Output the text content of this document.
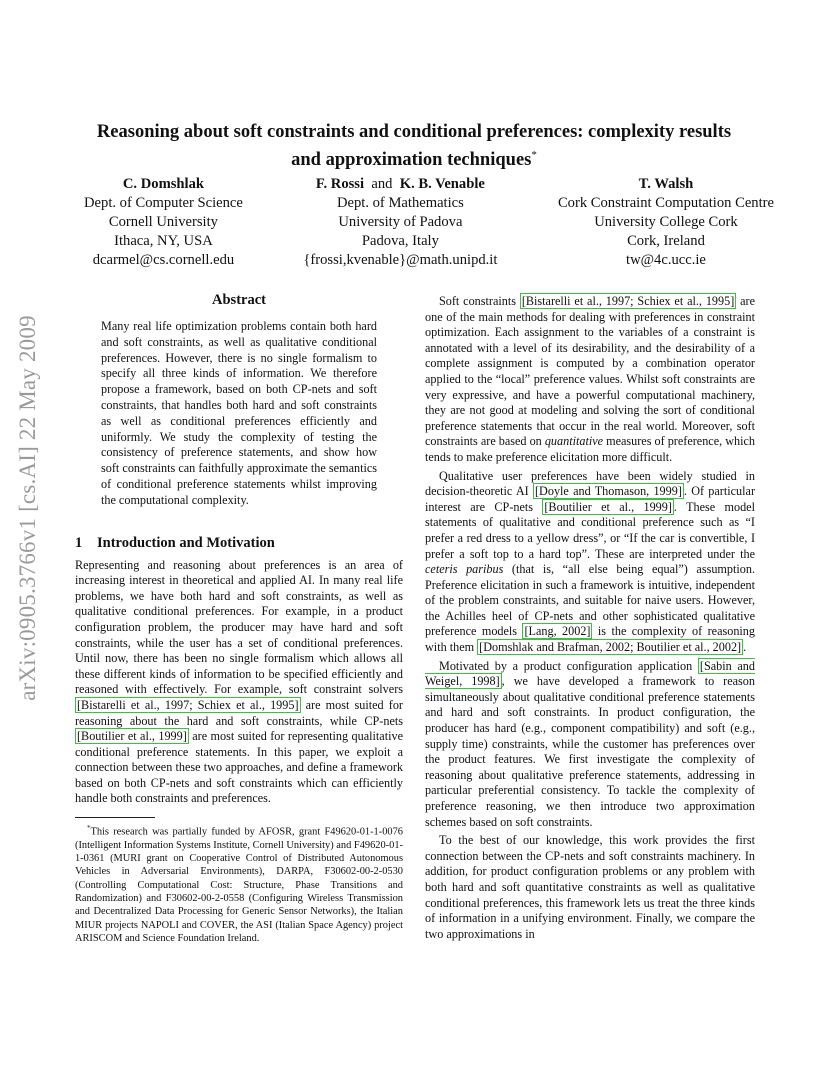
arXiv:0905.3766v1 [cs.AI] 22 May 2009
Reasoning about soft constraints and conditional preferences: complexity results
and approximation techniques*
C. Domshlak
Dept. of Computer Science
Cornell University
Ithaca, NY, USA
dcarmel@cs.cornell.edu
F. Rossi and K. B. Venable
Dept. of Mathematics
University of Padova
Padova, Italy
{frossi,kvenable}@math.unipd.it
T. Walsh
Cork Constraint Computation Centre
University College Cork
Cork, Ireland
tw@4c.ucc.ie
Abstract

Many real life optimization problems contain both hard and soft constraints, as well as qualitative conditional preferences. However, there is no single formalism to specify all three kinds of information. We therefore propose a framework, based on both CP-nets and soft constraints, that handles both hard and soft constraints as well as conditional preferences efficiently and uniformly. We study the complexity of testing the consistency of preference statements, and show how soft constraints can faithfully approximate the semantics of conditional preference statements whilst improving the computational complexity.

1 Introduction and Motivation

Representing and reasoning about preferences is an area of increasing interest in theoretical and applied AI. In many real life problems, we have both hard and soft constraints, as well as qualitative conditional preferences. For example, in a product configuration problem, the producer may have hard and soft constraints, while the user has a set of conditional preferences. Until now, there has been no single formalism which allows all these different kinds of information to be specified efficiently and reasoned with effectively. For example, soft constraint solvers [Bistarelli et al., 1997; Schiex et al., 1995] are most suited for reasoning about the hard and soft constraints, while CP-nets [Boutilier et al., 1999] are most suited for representing qualitative conditional preference statements. In this paper, we exploit a connection between these two approaches, and define a framework based on both CP-nets and soft constraints which can efficiently handle both constraints and preferences.

*This research was partially funded by AFOSR, grant F49620-01-1-0076 (Intelligent Information Systems Institute, Cornell University) and F49620-01-1-0361 (MURI grant on Cooperative Control of Distributed Autonomous Vehicles in Adversarial Environments), DARPA, F30602-00-2-0530 (Controlling Computational Cost: Structure, Phase Transitions and Randomization) and F30602-00-2-0558 (Configuring Wireless Transmission and Decentralized Data Processing for Generic Sensor Networks), the Italian MIUR projects NAPOLI and COVER, the ASI (Italian Space Agency) project ARISCOM and Science Foundation Ireland.

Soft constraints [Bistarelli et al., 1997; Schiex et al., 1995] are one of the main methods for dealing with preferences in constraint optimization. Each assignment to the variables of a constraint is annotated with a level of its desirability, and the desirability of a complete assignment is computed by a combination operator applied to the “local” preference values. Whilst soft constraints are very expressive, and have a powerful computational machinery, they are not good at modeling and solving the sort of conditional preference statements that occur in the real world. Moreover, soft constraints are based on quantitative measures of preference, which tends to make preference elicitation more difficult.

Qualitative user preferences have been widely studied in decision-theoretic AI [Doyle and Thomason, 1999] . Of particular interest are CP-nets [Boutilier et al., 1999] . These model statements of qualitative and conditional preference such as “I prefer a red dress to a yellow dress”, or “If the car is convertible, I prefer a soft top to a hard top”. These are interpreted under the ceteris paribus (that is, “all else being equal”) assumption. Preference elicitation in such a framework is intuitive, independent of the problem constraints, and suitable for naive users. However, the Achilles heel of CP-nets and other sophisticated qualitative preference models [Lang, 2002] is the complexity of reasoning with them [Domshlak and Brafman, 2002; Boutilier et al., 2002] .

Motivated by a product configuration application [Sabin and Weigel, 1998] , we have developed a framework to reason simultaneously about qualitative conditional preference statements and hard and soft constraints. In product configuration, the producer has hard (e.g., component compatibility) and soft (e.g., supply time) constraints, while the customer has preferences over the product features. We first investigate the complexity of reasoning about qualitative preference statements, addressing in particular preferential consistency. To tackle the complexity of preference reasoning, we then introduce two approximation schemes based on soft constraints.

To the best of our knowledge, this work provides the first connection between the CP-nets and soft constraints machinery. In addition, for product configuration problems or any problem with both hard and soft quantitative constraints as well as qualitative conditional preferences, this framework lets us treat the three kinds of information in a unifying environment. Finally, we compare the two approximations in
